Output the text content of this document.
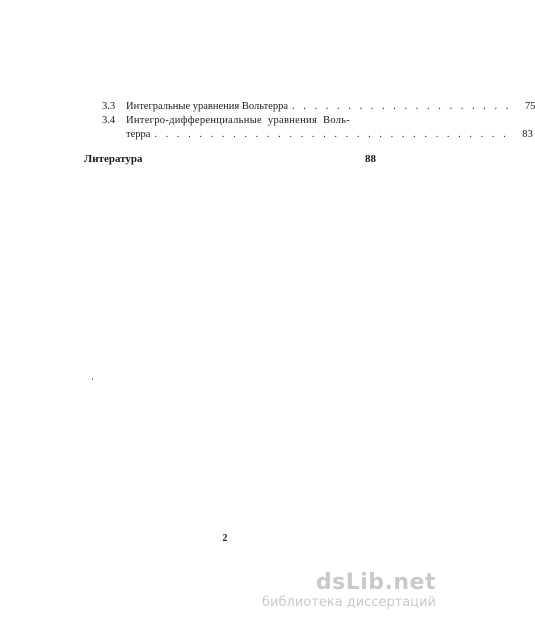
3.3	Интегральные уравнения Вольтерра . . . . . . . . . . . . . . . . . . . .	75
3.4	Интегро-дифференциальные уравнения Воль-
терра . . . . . . . . . . . . . . . . . . . . . . . . . . . . . . . .	83
Литература	88
2
dsLib.net
библиотека диссертаций
